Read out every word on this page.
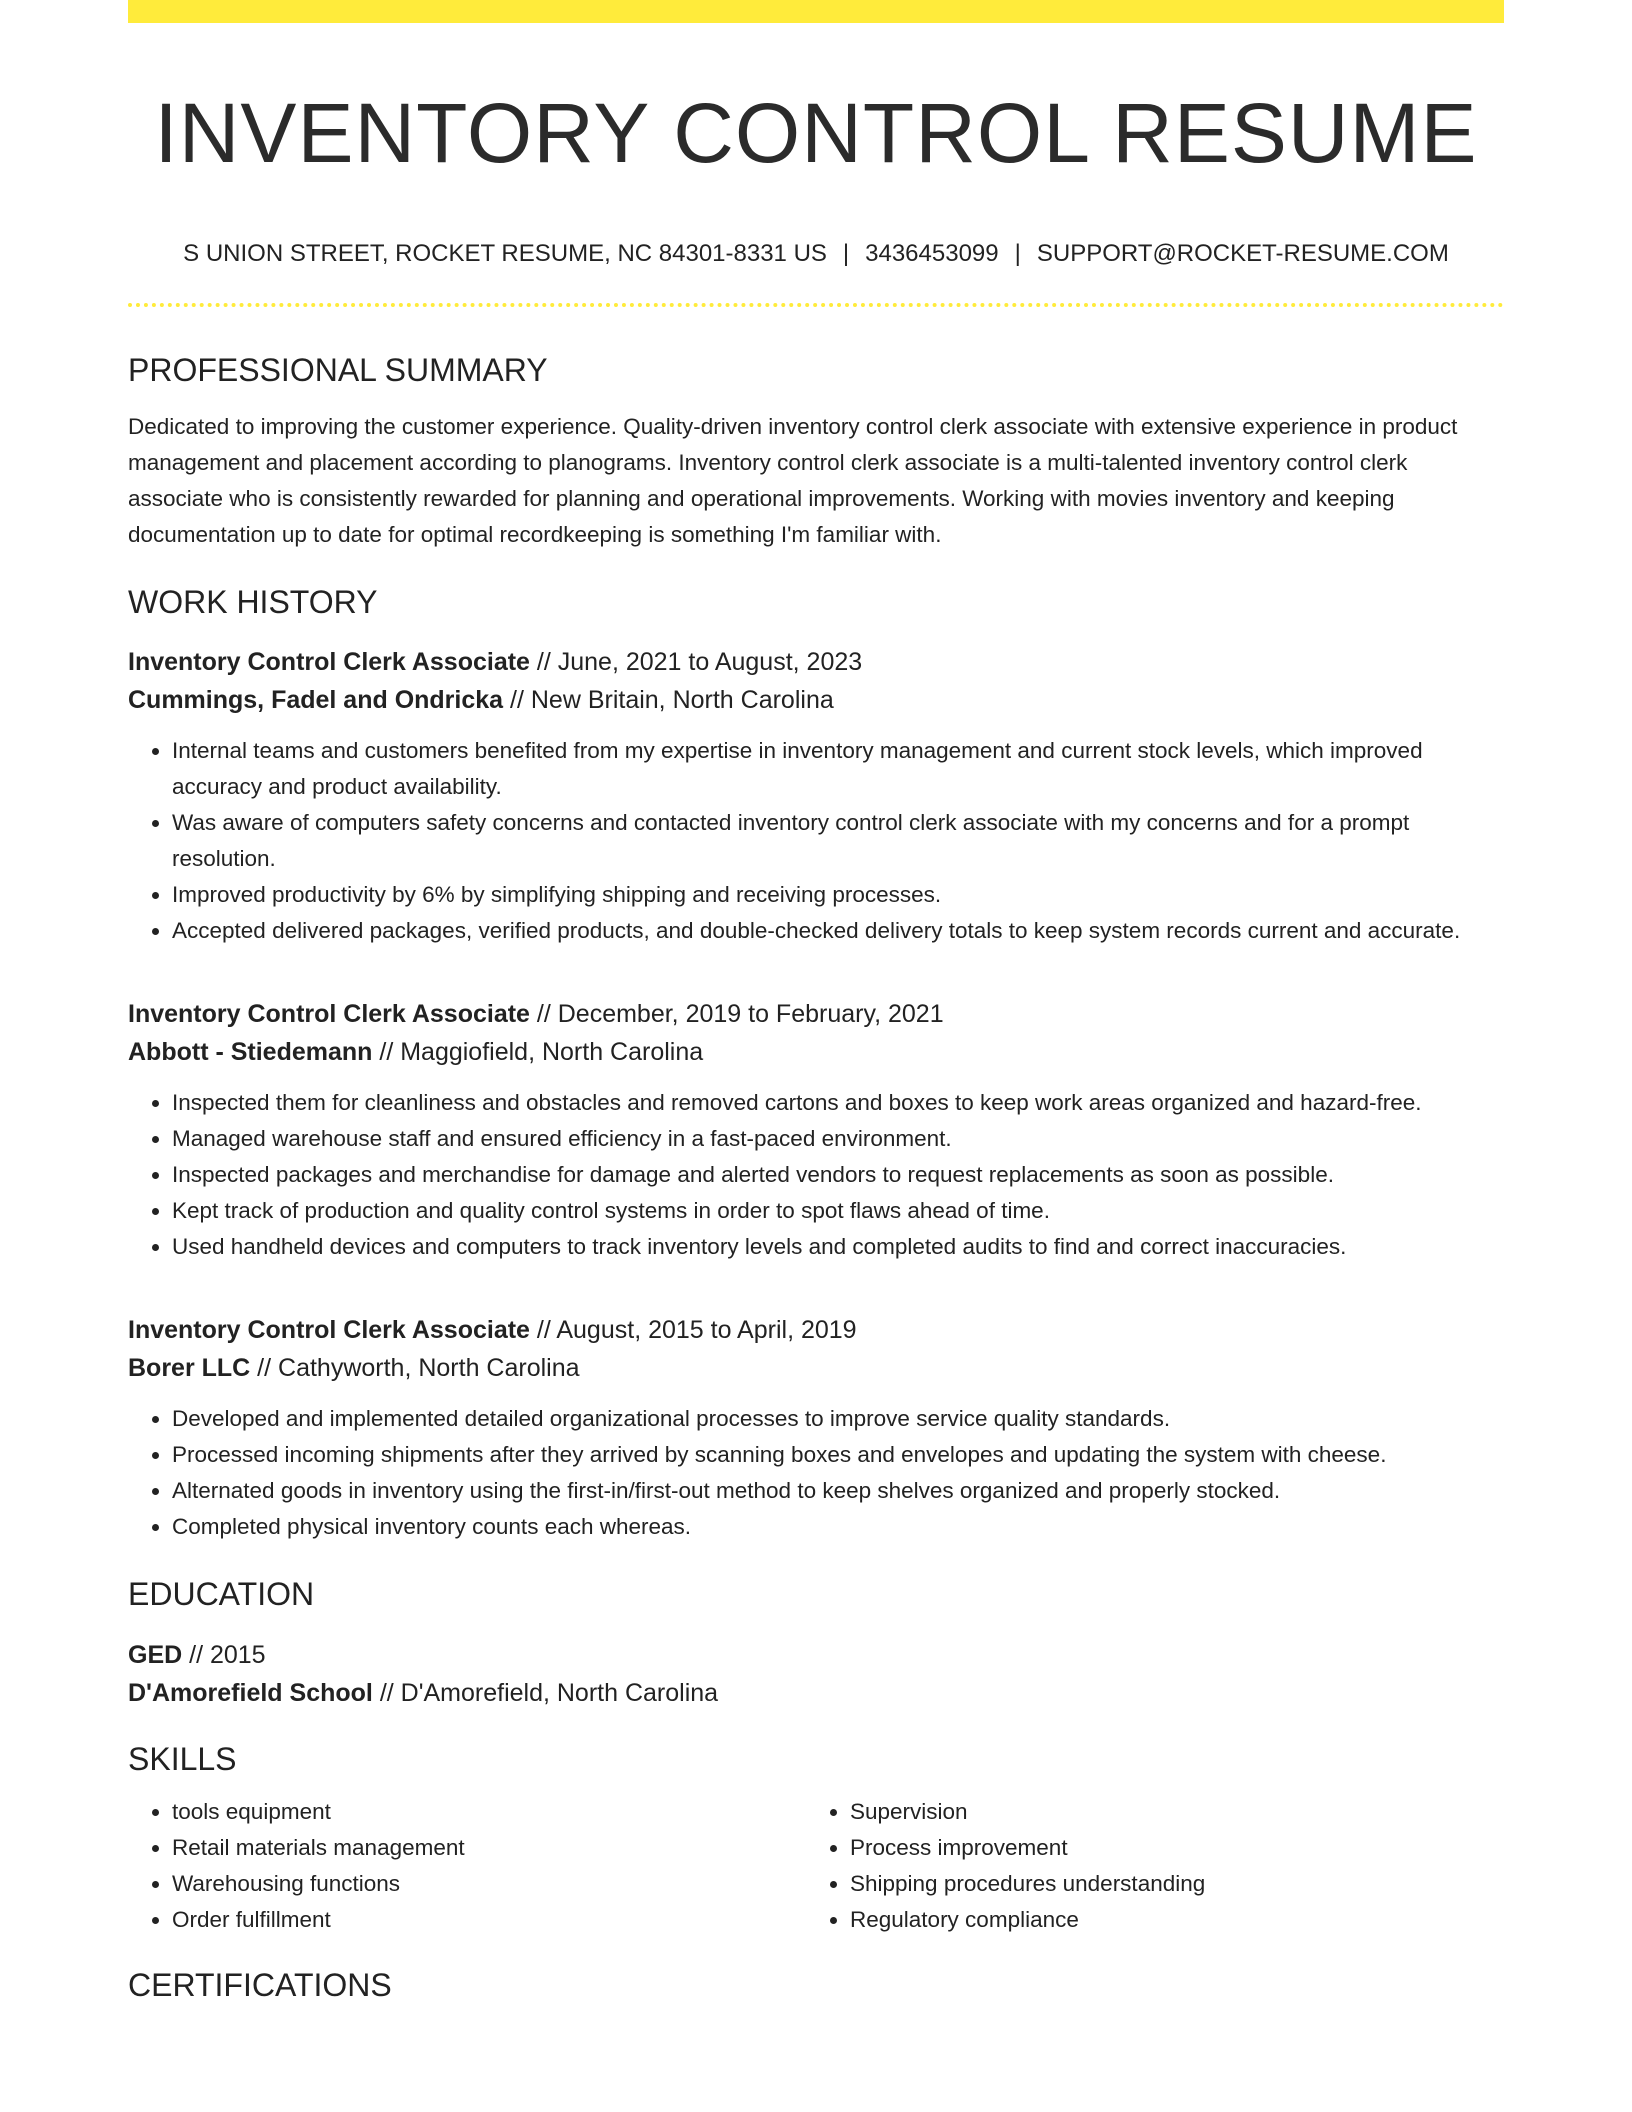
INVENTORY CONTROL RESUME
S UNION STREET, ROCKET RESUME, NC 84301-8331 US | 3436453099 | SUPPORT@ROCKET-RESUME.COM
PROFESSIONAL SUMMARY

Dedicated to improving the customer experience. Quality-driven inventory control clerk associate with extensive experience in product management and placement according to planograms. Inventory control clerk associate is a multi-talented inventory control clerk associate who is consistently rewarded for planning and operational improvements. Working with movies inventory and keeping documentation up to date for optimal recordkeeping is something I'm familiar with.

WORK HISTORY
Inventory Control Clerk Associate // June, 2021 to August, 2023
Cummings, Fadel and Ondricka // New Britain, North Carolina
• Internal teams and customers benefited from my expertise in inventory management and current stock levels, which improved accuracy and product availability.
• Was aware of computers safety concerns and contacted inventory control clerk associate with my concerns and for a prompt resolution.
• Improved productivity by 6% by simplifying shipping and receiving processes.
• Accepted delivered packages, verified products, and double-checked delivery totals to keep system records current and accurate.
Inventory Control Clerk Associate // December, 2019 to February, 2021
Abbott - Stiedemann // Maggiofield, North Carolina
• Inspected them for cleanliness and obstacles and removed cartons and boxes to keep work areas organized and hazard-free.
• Managed warehouse staff and ensured efficiency in a fast-paced environment.
• Inspected packages and merchandise for damage and alerted vendors to request replacements as soon as possible.
• Kept track of production and quality control systems in order to spot flaws ahead of time.
• Used handheld devices and computers to track inventory levels and completed audits to find and correct inaccuracies.
Inventory Control Clerk Associate // August, 2015 to April, 2019
Borer LLC // Cathyworth, North Carolina
• Developed and implemented detailed organizational processes to improve service quality standards.
• Processed incoming shipments after they arrived by scanning boxes and envelopes and updating the system with cheese.
• Alternated goods in inventory using the first-in/first-out method to keep shelves organized and properly stocked.
• Completed physical inventory counts each whereas.
EDUCATION
GED // 2015
D'Amorefield School // D'Amorefield, North Carolina
SKILLS
• tools equipment
• Retail materials management
• Warehousing functions
• Order fulfillment
• Supervision
• Process improvement
• Shipping procedures understanding
• Regulatory compliance
CERTIFICATIONS
